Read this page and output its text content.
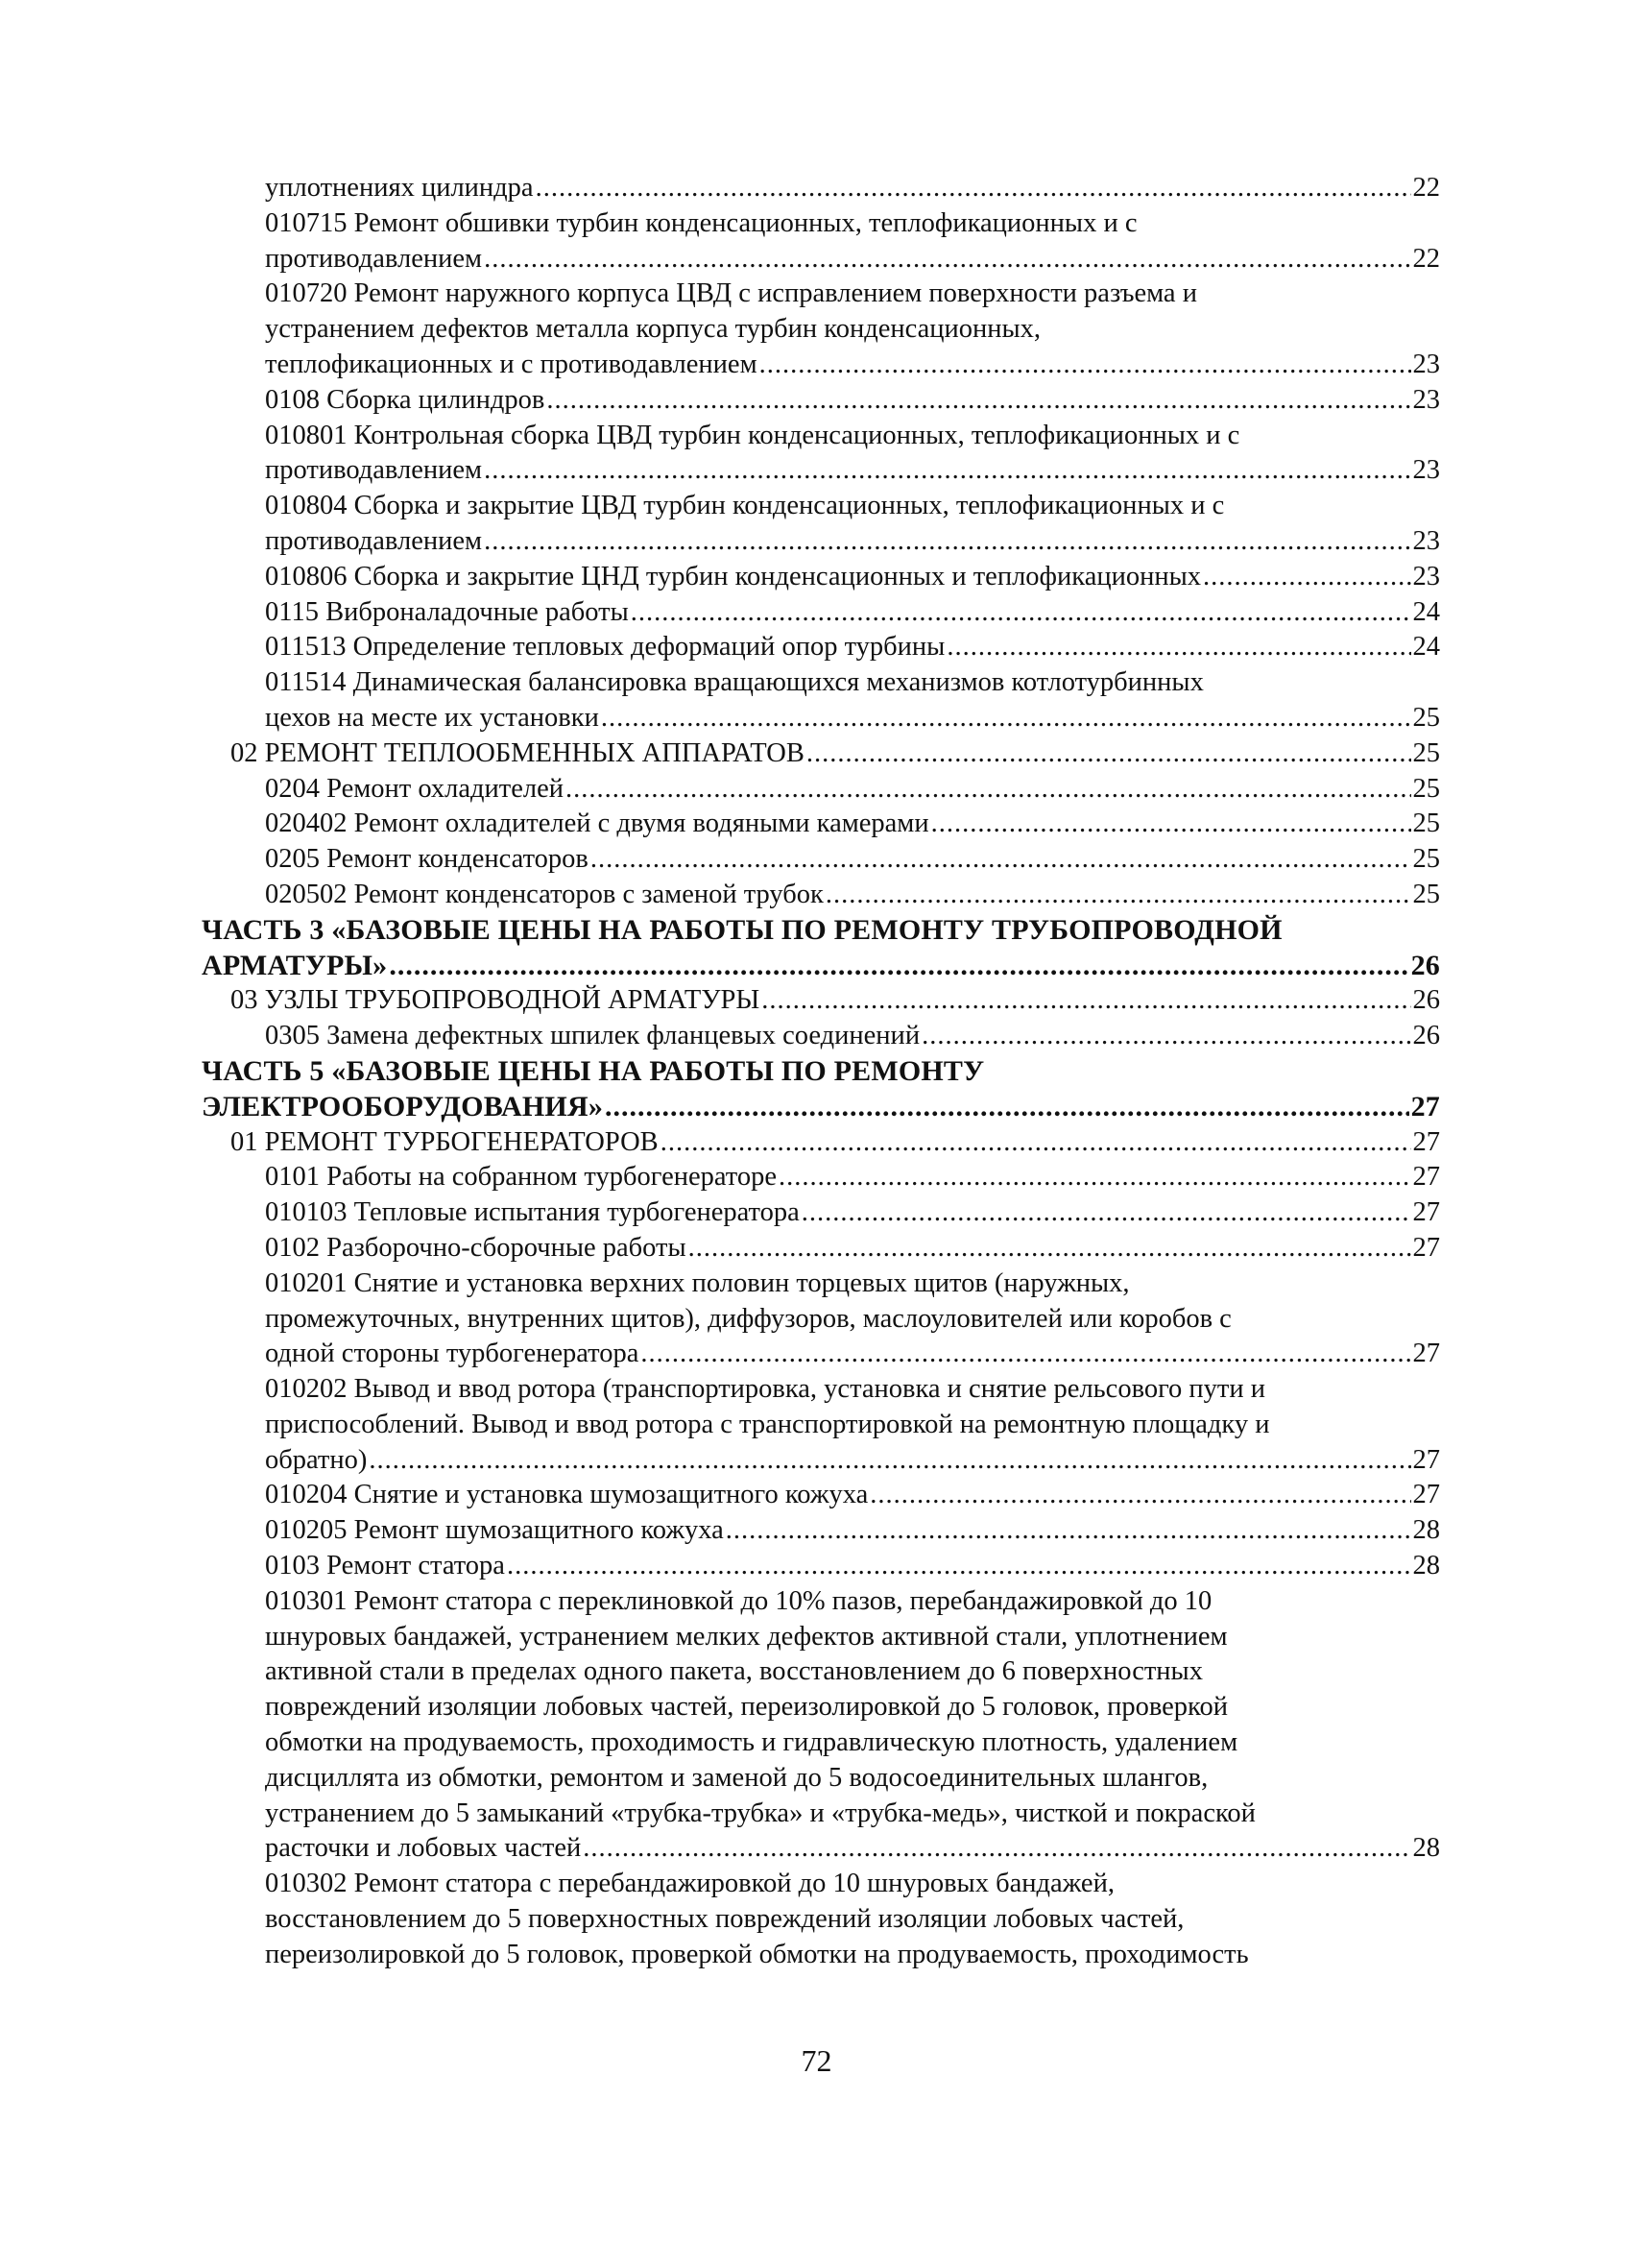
уплотнениях цилиндра .....	22
010715 Ремонт обшивки турбин конденсационных, теплофикационных и с
противодавлением .....	22
010720 Ремонт наружного корпуса ЦВД с исправлением поверхности разъема и
устранением дефектов металла корпуса турбин конденсационных,
теплофикационных и с противодавлением .....	23
0108 Сборка цилиндров .....	23
010801 Контрольная сборка ЦВД турбин конденсационных, теплофикационных и с
противодавлением .....	23
010804 Сборка и закрытие ЦВД турбин конденсационных, теплофикационных и с
противодавлением .....	23
010806 Сборка и закрытие ЦНД турбин конденсационных и теплофикационных .....	23
0115 Виброналадочные работы .....	24
011513 Определение тепловых деформаций опор турбины .....	24
011514 Динамическая балансировка вращающихся механизмов котлотурбинных
цехов на месте их установки .....	25
02 РЕМОНТ ТЕПЛООБМЕННЫХ АППАРАТОВ .....	25
0204 Ремонт охладителей .....	25
020402 Ремонт охладителей с двумя водяными камерами .....	25
0205 Ремонт конденсаторов .....	25
020502 Ремонт конденсаторов с заменой трубок .....	25
ЧАСТЬ 3 «БАЗОВЫЕ ЦЕНЫ НА РАБОТЫ ПО РЕМОНТУ ТРУБОПРОВОДНОЙ
АРМАТУРЫ» .....	26
03 УЗЛЫ ТРУБОПРОВОДНОЙ АРМАТУРЫ .....	26
0305 Замена дефектных шпилек фланцевых соединений .....	26
ЧАСТЬ 5 «БАЗОВЫЕ ЦЕНЫ НА РАБОТЫ ПО РЕМОНТУ
ЭЛЕКТРООБОРУДОВАНИЯ» .....	27
01 РЕМОНТ ТУРБОГЕНЕРАТОРОВ .....	27
0101 Работы на собранном турбогенераторе .....	27
010103 Тепловые испытания турбогенератора .....	27
0102 Разборочно-сборочные работы .....	27
010201 Снятие и установка верхних половин торцевых щитов (наружных,
промежуточных, внутренних щитов), диффузоров, маслоуловителей или коробов с
одной стороны турбогенератора .....	27
010202 Вывод и ввод ротора (транспортировка, установка и снятие рельсового пути и
приспособлений. Вывод и ввод ротора с транспортировкой на ремонтную площадку и
обратно) .....	27
010204 Снятие и установка шумозащитного кожуха .....	27
010205 Ремонт шумозащитного кожуха .....	28
0103 Ремонт статора .....	28
010301 Ремонт статора с переклиновкой до 10% пазов, перебандажировкой до 10
шнуровых бандажей, устранением мелких дефектов активной стали, уплотнением
активной стали в пределах одного пакета, восстановлением до 6 поверхностных
повреждений изоляции лобовых частей, переизолировкой до 5 головок, проверкой
обмотки на продуваемость, проходимость и гидравлическую плотность, удалением
дисциллята из обмотки, ремонтом и заменой до 5 водосоединительных шлангов,
устранением до 5 замыканий «трубка-трубка» и «трубка-медь», чисткой и покраской
расточки и лобовых частей .....	28
010302 Ремонт статора с перебандажировкой до 10 шнуровых бандажей,
восстановлением до 5 поверхностных повреждений изоляции лобовых частей,
переизолировкой до 5 головок, проверкой обмотки на продуваемость, проходимость
72
